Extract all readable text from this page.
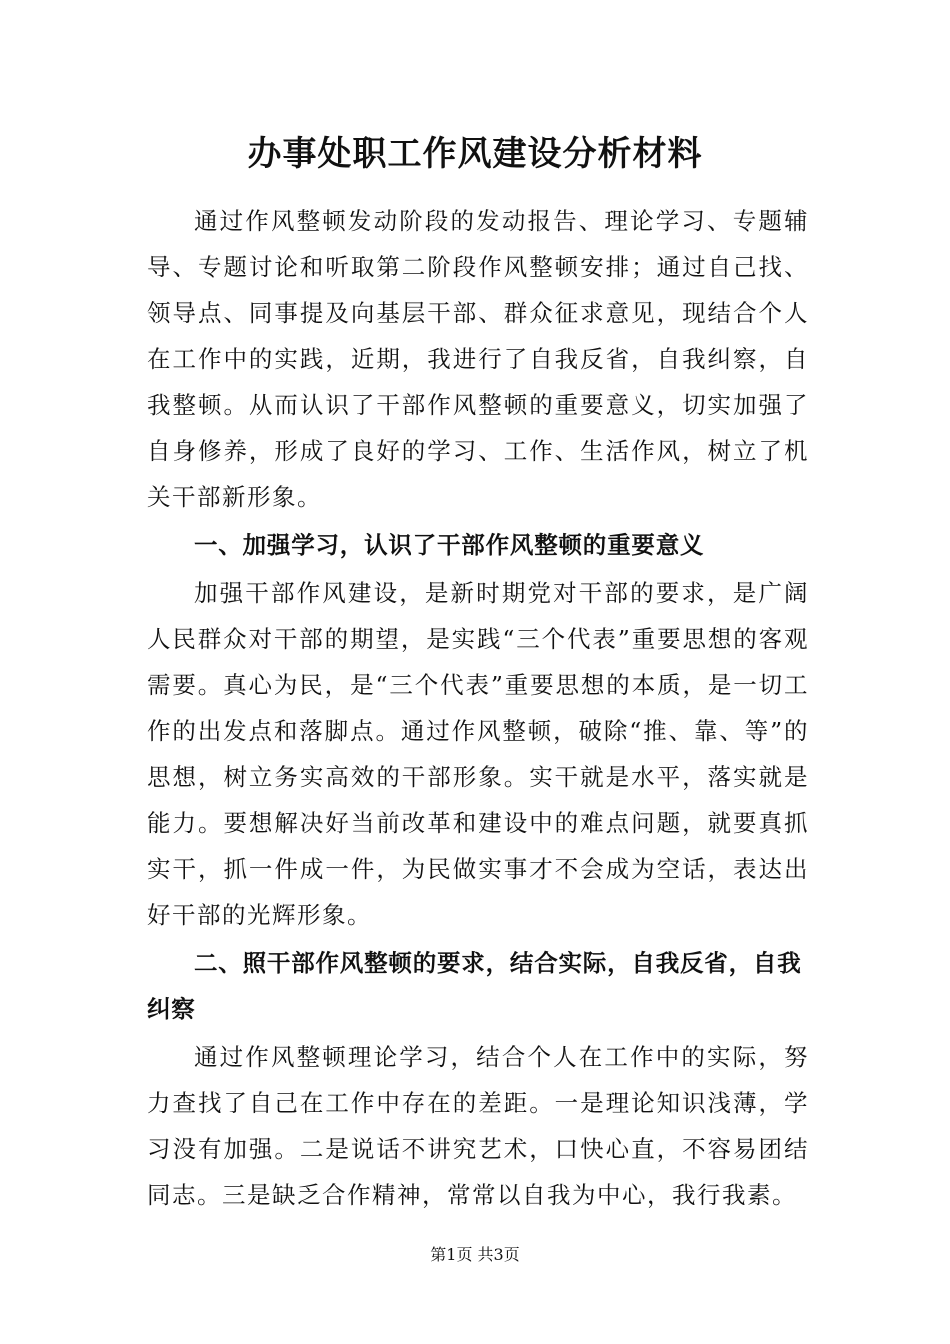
办事处职工作风建设分析材料

通过作风整顿发动阶段的发动报告、理论学习、专题辅导、专题讨论和听取第二阶段作风整顿安排；通过自己找、领导点、同事提及向基层干部、群众征求意见，现结合个人在工作中的实践，近期，我进行了自我反省，自我纠察，自我整顿。从而认识了干部作风整顿的重要意义，切实加强了自身修养，形成了良好的学习、工作、生活作风，树立了机关干部新形象。

一、加强学习，认识了干部作风整顿的重要意义

加强干部作风建设，是新时期党对干部的要求，是广阔人民群众对干部的期望，是实践“三个代表”重要思想的客观需要。真心为民，是“三个代表”重要思想的本质，是一切工作的出发点和落脚点。通过作风整顿，破除“推、靠、等”的思想，树立务实高效的干部形象。实干就是水平，落实就是能力。要想解决好当前改革和建设中的难点问题，就要真抓实干，抓一件成一件，为民做实事才不会成为空话，表达出好干部的光辉形象。

二、照干部作风整顿的要求，结合实际，自我反省，自我纠察

通过作风整顿理论学习，结合个人在工作中的实际，努力查找了自己在工作中存在的差距。一是理论知识浅薄，学习没有加强。二是说话不讲究艺术，口快心直，不容易团结同志。三是缺乏合作精神，常常以自我为中心，我行我素。

第1页 共3页
